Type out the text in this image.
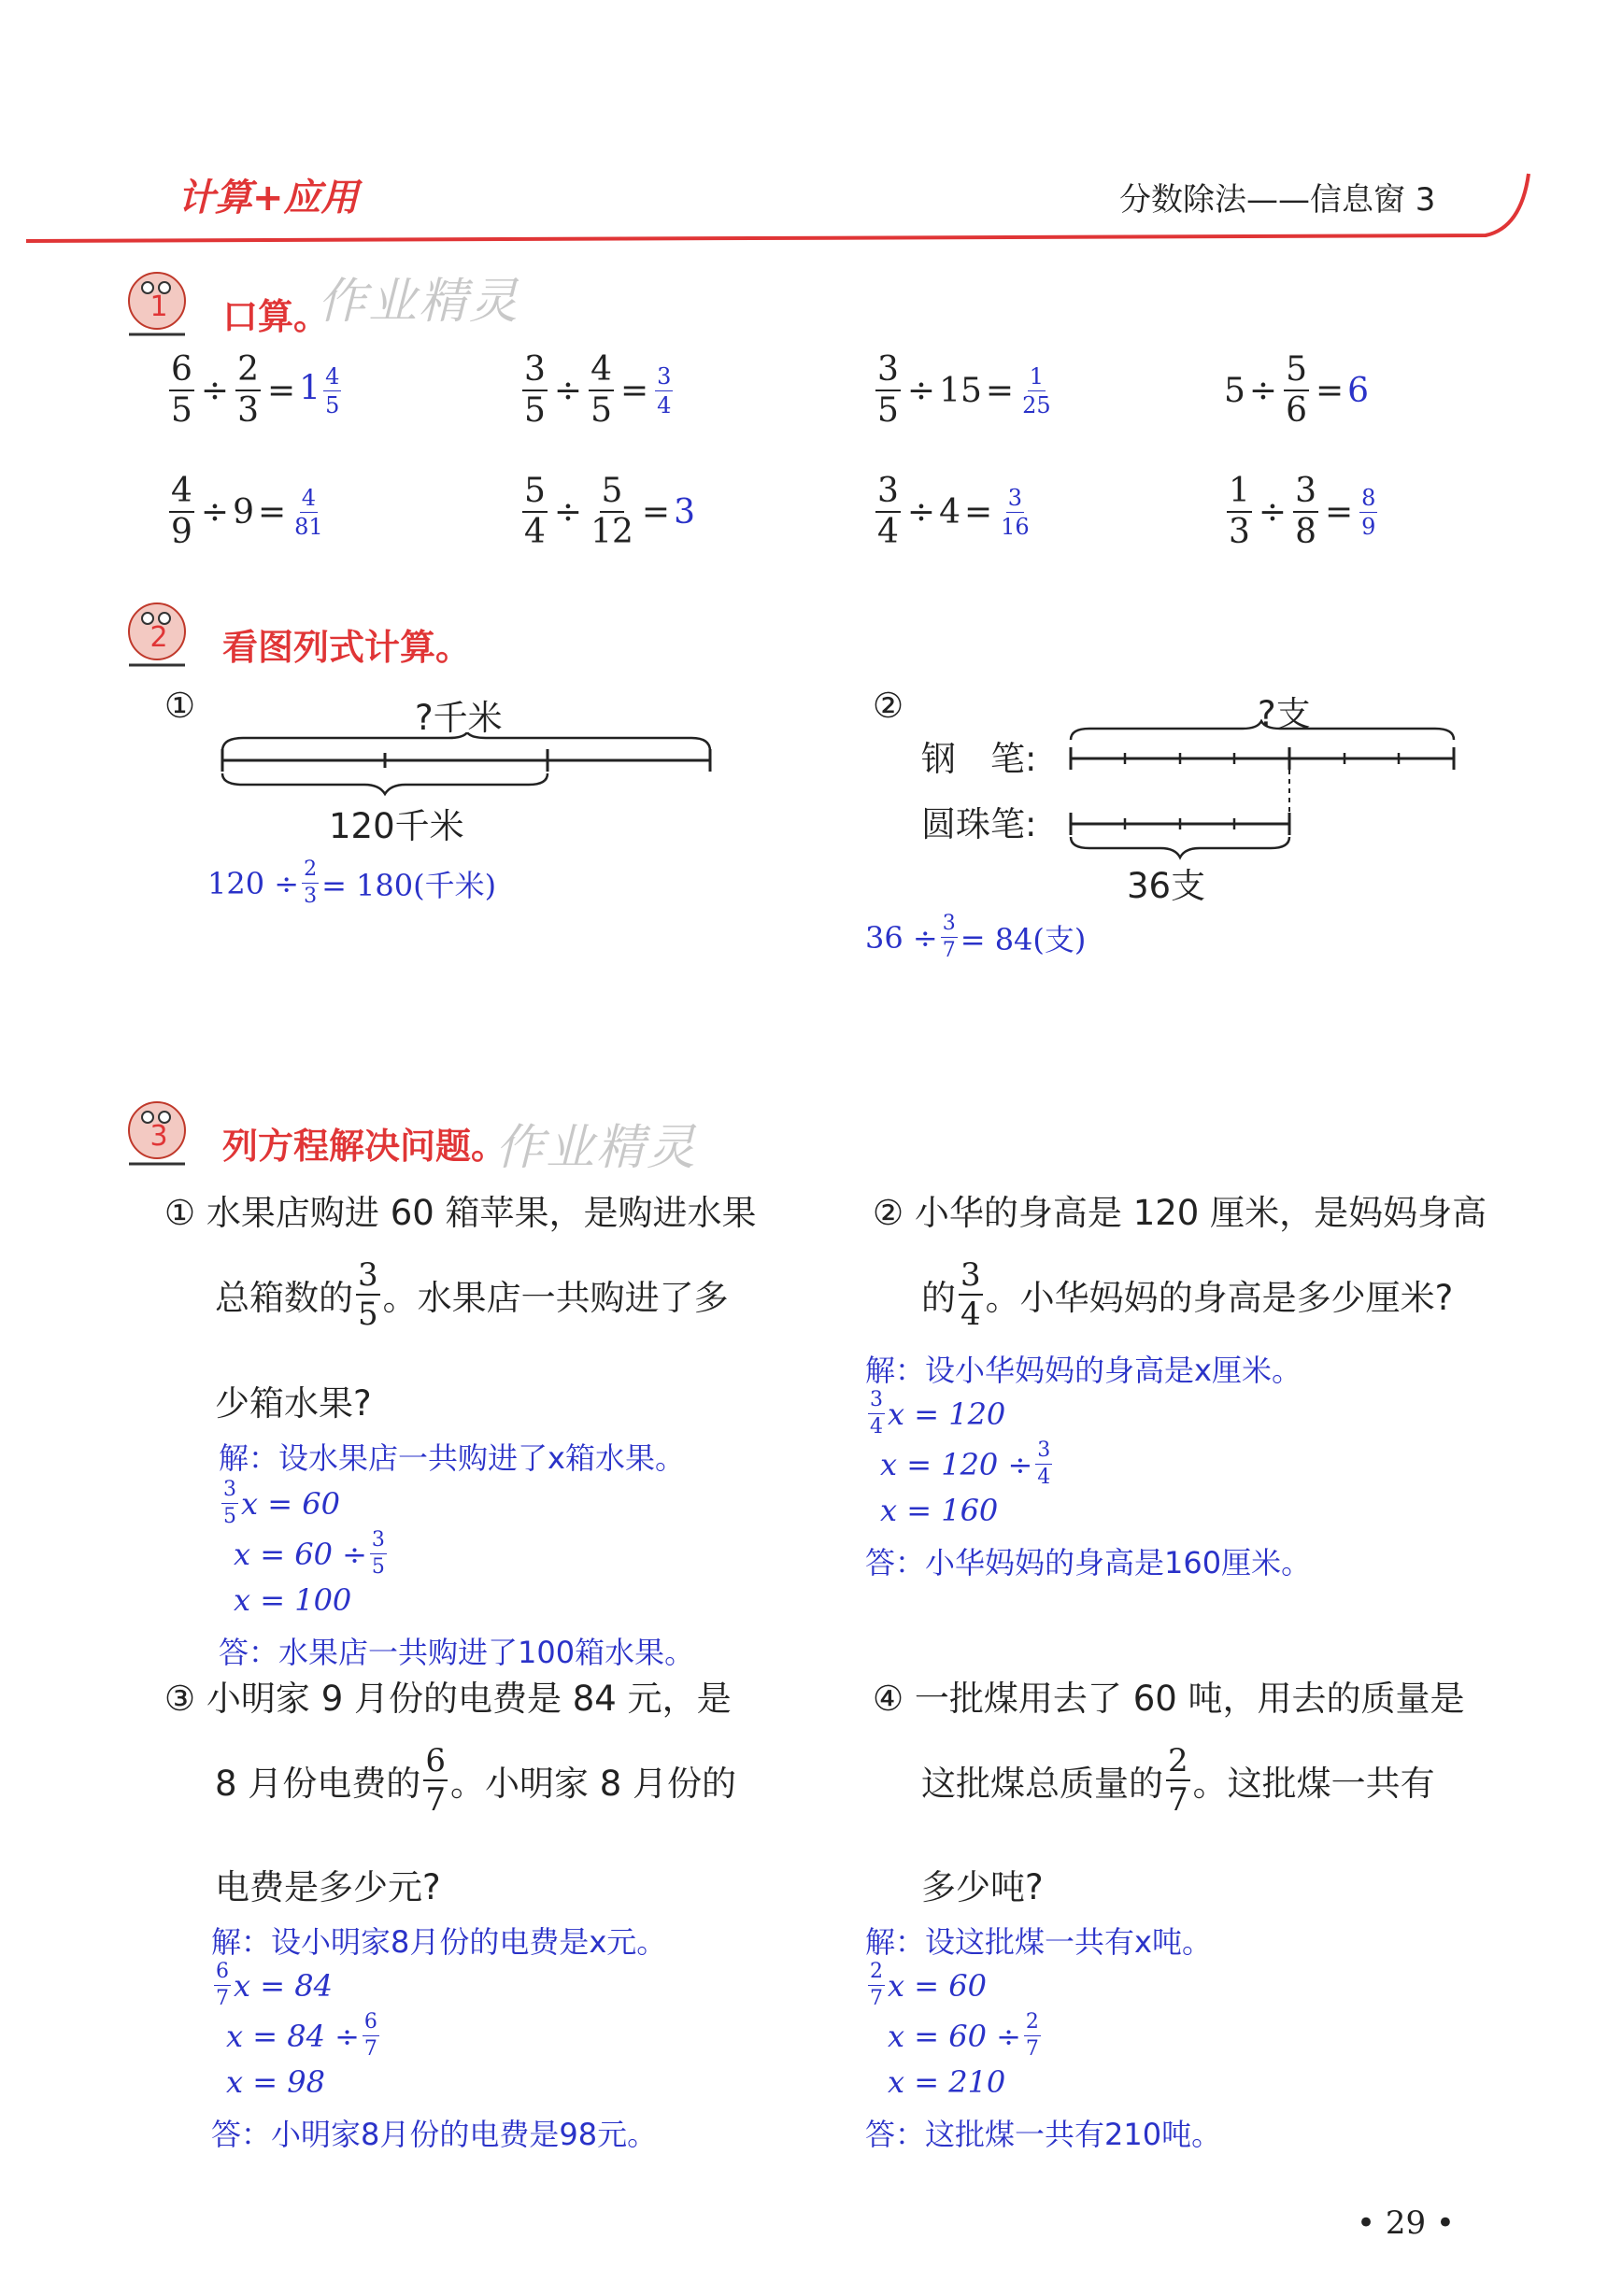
计算+应用	分数除法——信息窗 3
1 口算。
作业精灵
$\frac{6}{5} \div \frac{2}{3} = 1 \frac{4}{5}$	$\frac{3}{5} \div \frac{4}{5} = \frac{3}{4}$	$\frac{3}{5} \div 15 = \frac{1}{25}$	$5 \div \frac{5}{6} = 6$
$\frac{4}{9} \div 9 = \frac{4}{81}$	$\frac{5}{4} \div \frac{5}{12} = 3$	$\frac{3}{4} \div 4 = \frac{3}{16}$	$\frac{1}{3} \div \frac{3}{8} = \frac{8}{9}$
2 看图列式计算。
①	?千米
120千米
$120 \div \frac{2}{3} = 180$(千米)
②	?支
钢　笔:
圆珠笔:
36支
$36 \div \frac{3}{7} = 84$(支)
3 列方程解决问题。
作业精灵
① 水果店购进 60 箱苹果，是购进水果
总箱数的 $\frac{3}{5}$ 。水果店一共购进了多
少箱水果?
解：设水果店一共购进了x箱水果。
$\frac{3}{5}$ x = 60
$x = 60 \div \frac{3}{5}$
x = 100
答：水果店一共购进了100箱水果。
② 小华的身高是 120 厘米，是妈妈身高
的 $\frac{3}{4}$ 。小华妈妈的身高是多少厘米?
解：设小华妈妈的身高是x厘米。
$\frac{3}{4}$ x = 120
$x = 120 \div \frac{3}{4}$
x = 160
答：小华妈妈的身高是160厘米。
③ 小明家 9 月份的电费是 84 元，是
8 月份电费的 $\frac{6}{7}$ 。小明家 8 月份的
电费是多少元?
解：设小明家8月份的电费是x元。
$\frac{6}{7}$ x = 84
$x = 84 \div \frac{6}{7}$
x = 98
答：小明家8月份的电费是98元。
④ 一批煤用去了 60 吨，用去的质量是
这批煤总质量的 $\frac{2}{7}$ 。这批煤一共有
多少吨?
解：设这批煤一共有x吨。
$\frac{2}{7}$ x = 60
$x = 60 \div \frac{2}{7}$
x = 210
答：这批煤一共有210吨。
• 29 •
